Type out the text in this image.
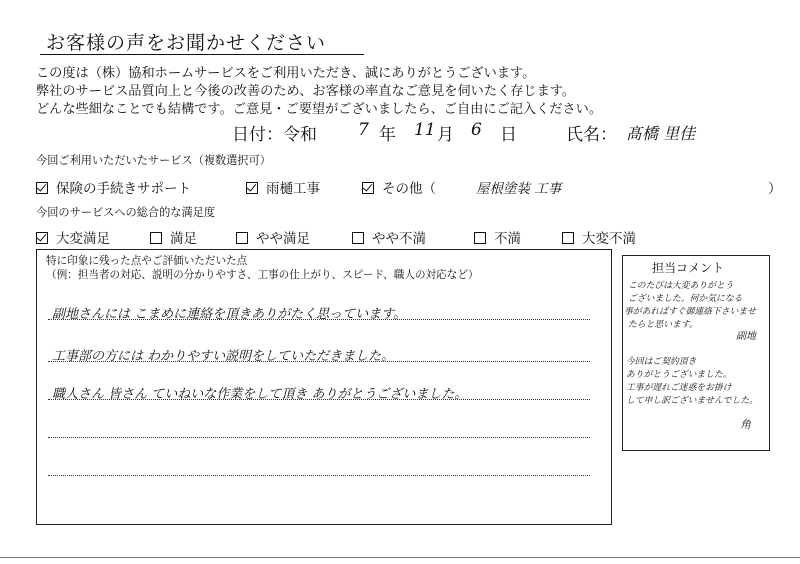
お客様の声をお聞かせください
この度は（株）協和ホームサービスをご利用いただき、誠にありがとうございます。
弊社のサービス品質向上と今後の改善のため、お客様の率直なご意見を伺いたく存じます。
どんな些細なことでも結構です。ご意見・ご要望がございましたら、ご自由にご記入ください。
日付：令和 7 年 11 月 6 日	氏名： 髙橋 里佳
今回ご利用いただいたサービス（複数選択可）
保険の手続きサポート	雨樋工事	その他（	屋根塗装 工事	）
今回のサービスへの総合的な満足度
大変満足	満足	やや満足	やや不満	不満	大変不満
特に印象に残った点やご評価いただいた点
（例：担当者の対応、説明の分かりやすさ、工事の仕上がり、スピード、職人の対応など）
副地さんには こまめに連絡を頂きありがたく思っています。
工事部の方には わかりやすい説明をしていただきました。
職人さん 皆さん ていねいな作業をして頂き ありがとうございました。
担当コメント
このたびは大変ありがとう
ございました。何か気になる
事があればすぐ御連絡下さいませ
たらと思います。
副地
今回はご契約頂き
ありがとうございました。
工事が遅れご迷惑をお掛け
して申し訳ございませんでした。
角
